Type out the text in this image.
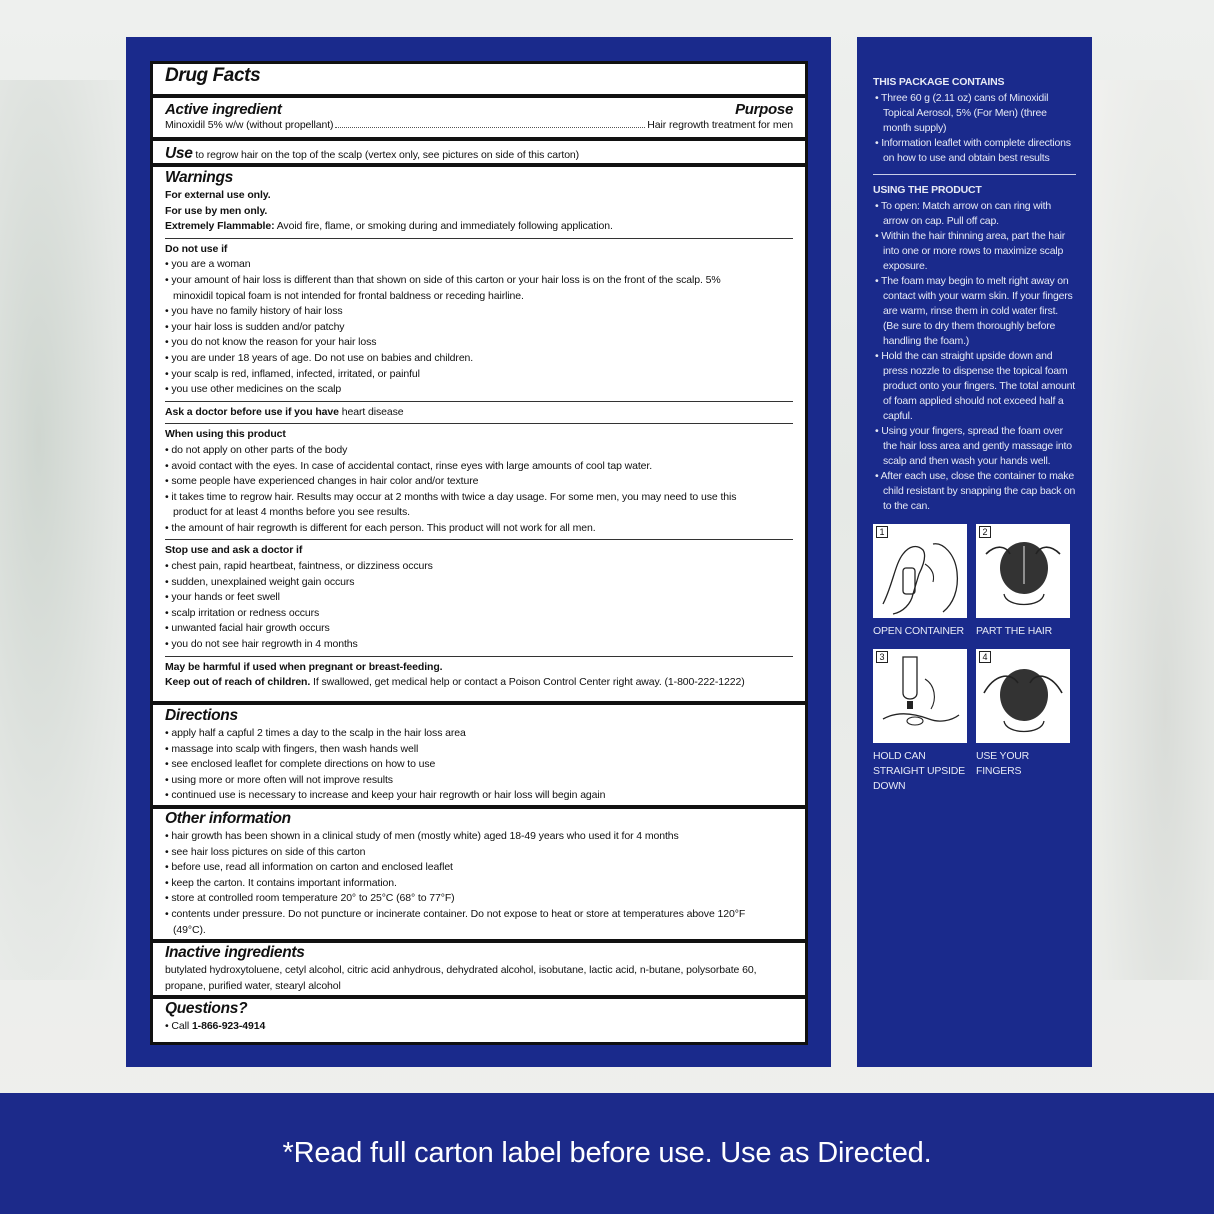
Drug Facts
Active ingredient	Purpose
Minoxidil 5% w/w (without propellant)	Hair regrowth treatment for men
Use to regrow hair on the top of the scalp (vertex only, see pictures on side of this carton)
Warnings
For external use only.
For use by men only.
Extremely Flammable: Avoid fire, flame, or smoking during and immediately following application.
Do not use if
• you are a woman
• your amount of hair loss is different than that shown on side of this carton or your hair loss is on the front of the scalp. 5%
minoxidil topical foam is not intended for frontal baldness or receding hairline.
• you have no family history of hair loss
• your hair loss is sudden and/or patchy
• you do not know the reason for your hair loss
• you are under 18 years of age. Do not use on babies and children.
• your scalp is red, inflamed, infected, irritated, or painful
• you use other medicines on the scalp
Ask a doctor before use if you have heart disease
When using this product
• do not apply on other parts of the body
• avoid contact with the eyes. In case of accidental contact, rinse eyes with large amounts of cool tap water.
• some people have experienced changes in hair color and/or texture
• it takes time to regrow hair. Results may occur at 2 months with twice a day usage. For some men, you may need to use this
product for at least 4 months before you see results.
• the amount of hair regrowth is different for each person. This product will not work for all men.
Stop use and ask a doctor if
• chest pain, rapid heartbeat, faintness, or dizziness occurs
• sudden, unexplained weight gain occurs
• your hands or feet swell
• scalp irritation or redness occurs
• unwanted facial hair growth occurs
• you do not see hair regrowth in 4 months
May be harmful if used when pregnant or breast-feeding.
Keep out of reach of children. If swallowed, get medical help or contact a Poison Control Center right away. (1-800-222-1222)
Directions
• apply half a capful 2 times a day to the scalp in the hair loss area
• massage into scalp with fingers, then wash hands well
• see enclosed leaflet for complete directions on how to use
• using more or more often will not improve results
• continued use is necessary to increase and keep your hair regrowth or hair loss will begin again
Other information
• hair growth has been shown in a clinical study of men (mostly white) aged 18-49 years who used it for 4 months
• see hair loss pictures on side of this carton
• before use, read all information on carton and enclosed leaflet
• keep the carton. It contains important information.
• store at controlled room temperature 20° to 25°C (68° to 77°F)
• contents under pressure. Do not puncture or incinerate container. Do not expose to heat or store at temperatures above 120°F
(49°C).
Inactive ingredients
butylated hydroxytoluene, cetyl alcohol, citric acid anhydrous, dehydrated alcohol, isobutane, lactic acid, n-butane, polysorbate 60,
propane, purified water, stearyl alcohol
Questions?
• Call 1-866-923-4914
THIS PACKAGE CONTAINS
• Three 60 g (2.11 oz) cans of Minoxidil Topical Aerosol, 5% (For Men) (three month supply)
• Information leaflet with complete directions on how to use and obtain best results
USING THE PRODUCT
• To open: Match arrow on can ring with arrow on cap. Pull off cap.
• Within the hair thinning area, part the hair into one or more rows to maximize scalp exposure.
• The foam may begin to melt right away on contact with your warm skin. If your fingers are warm, rinse them in cold water first. (Be sure to dry them thoroughly before handling the foam.)
• Hold the can straight upside down and press nozzle to dispense the topical foam product onto your fingers. The total amount of foam applied should not exceed half a capful.
• Using your fingers, spread the foam over the hair loss area and gently massage into scalp and then wash your hands well.
• After each use, close the container to make child resistant by snapping the cap back on to the can.
1
OPEN CONTAINER
2
PART THE HAIR
3
HOLD CAN STRAIGHT UPSIDE DOWN
4
USE YOUR FINGERS
*Read full carton label before use. Use as Directed.
